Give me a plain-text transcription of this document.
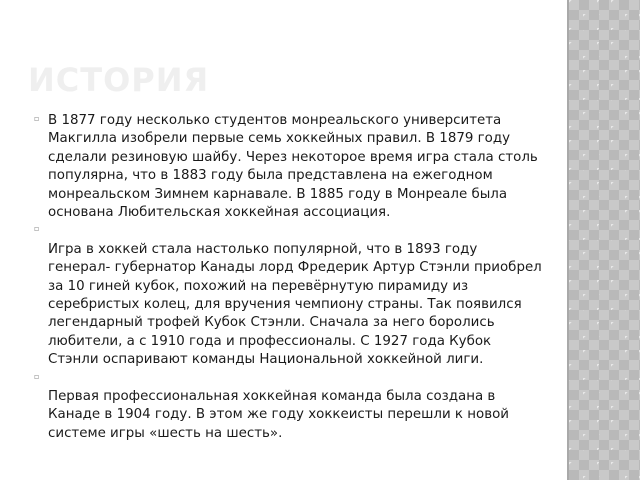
ИСТОРИЯ
▫ В 1877 году несколько студентов монреальского университета Макгилла изобрели первые семь хоккейных правил. В 1879 году сделали резиновую шайбу. Через некоторое время игра стала столь популярна, что в 1883 году была представлена на ежегодном монреальском Зимнем карнавале. В 1885 году в Монреале была основана Любительская хоккейная ассоциация.
▫
Игра в хоккей стала настолько популярной, что в 1893 году генерал- губернатор Канады лорд Фредерик Артур Стэнли приобрел за 10 гиней кубок, похожий на перевёрнутую пирамиду из серебристых колец, для вручения чемпиону страны. Так появился легендарный трофей Кубок Стэнли. Сначала за него боролись любители, а с 1910 года и профессионалы. С 1927 года Кубок Стэнли оспаривают команды Национальной хоккейной лиги.
▫
Первая профессиональная хоккейная команда была создана в Канаде в 1904 году. В этом же году хоккеисты перешли к новой системе игры «шесть на шесть».
